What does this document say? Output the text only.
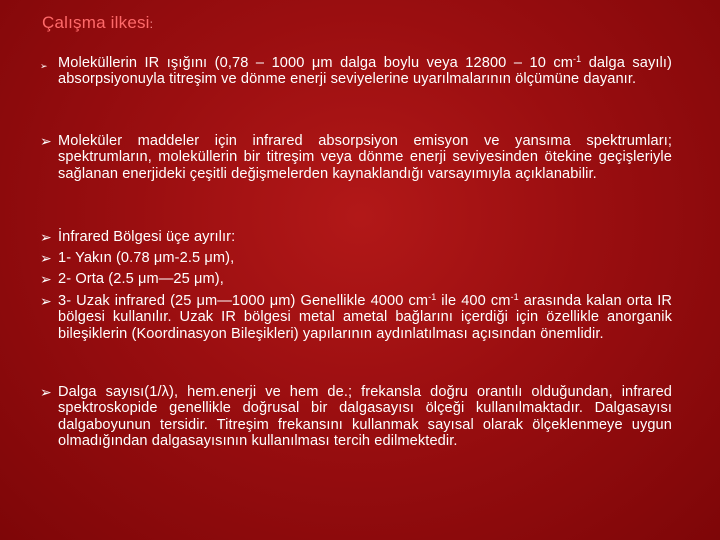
Çalışma ilkesi:
➢ Moleküllerin IR ışığını (0,78 – 1000 μm dalga boylu veya 12800 – 10 $cm^{-1}$ dalga sayılı) absorpsiyonuyla titreşim ve dönme enerji seviyelerine uyarılmalarının ölçümüne dayanır.
➢ Moleküler maddeler için infrared absorpsiyon emisyon ve yansıma spektrumları; spektrumların, moleküllerin bir titreşim veya dönme enerji seviyesinden ötekine geçişleriyle sağlanan enerjideki çeşitli değişmelerden kaynaklandığı varsayımıyla açıklanabilir.
➢ İnfrared Bölgesi üçe ayrılır:
➢ 1- Yakın (0.78 μm-2.5 μm),
➢ 2- Orta (2.5 μm—25 μm),
➢ 3- Uzak infrared (25 μm—1000 μm) Genellikle 4000 $cm^{-1}$ ile 400 $cm^{-1}$ arasında kalan orta IR bölgesi kullanılır. Uzak IR bölgesi metal ametal bağlarını içerdiği için özellikle anorganik bileşiklerin (Koordinasyon Bileşikleri) yapılarının aydınlatılması açısından önemlidir.
➢ Dalga sayısı(1/λ), hem.enerji ve hem de.; frekansla doğru orantılı olduğundan, infrared spektroskopide genellikle doğrusal bir dalgasayısı ölçeği kullanılmaktadır. Dalgasayısı dalgaboyunun tersidir. Titreşim frekansını kullanmak sayısal olarak ölçeklenmeye uygun olmadığından dalgasayısının kullanılması tercih edilmektedir.
